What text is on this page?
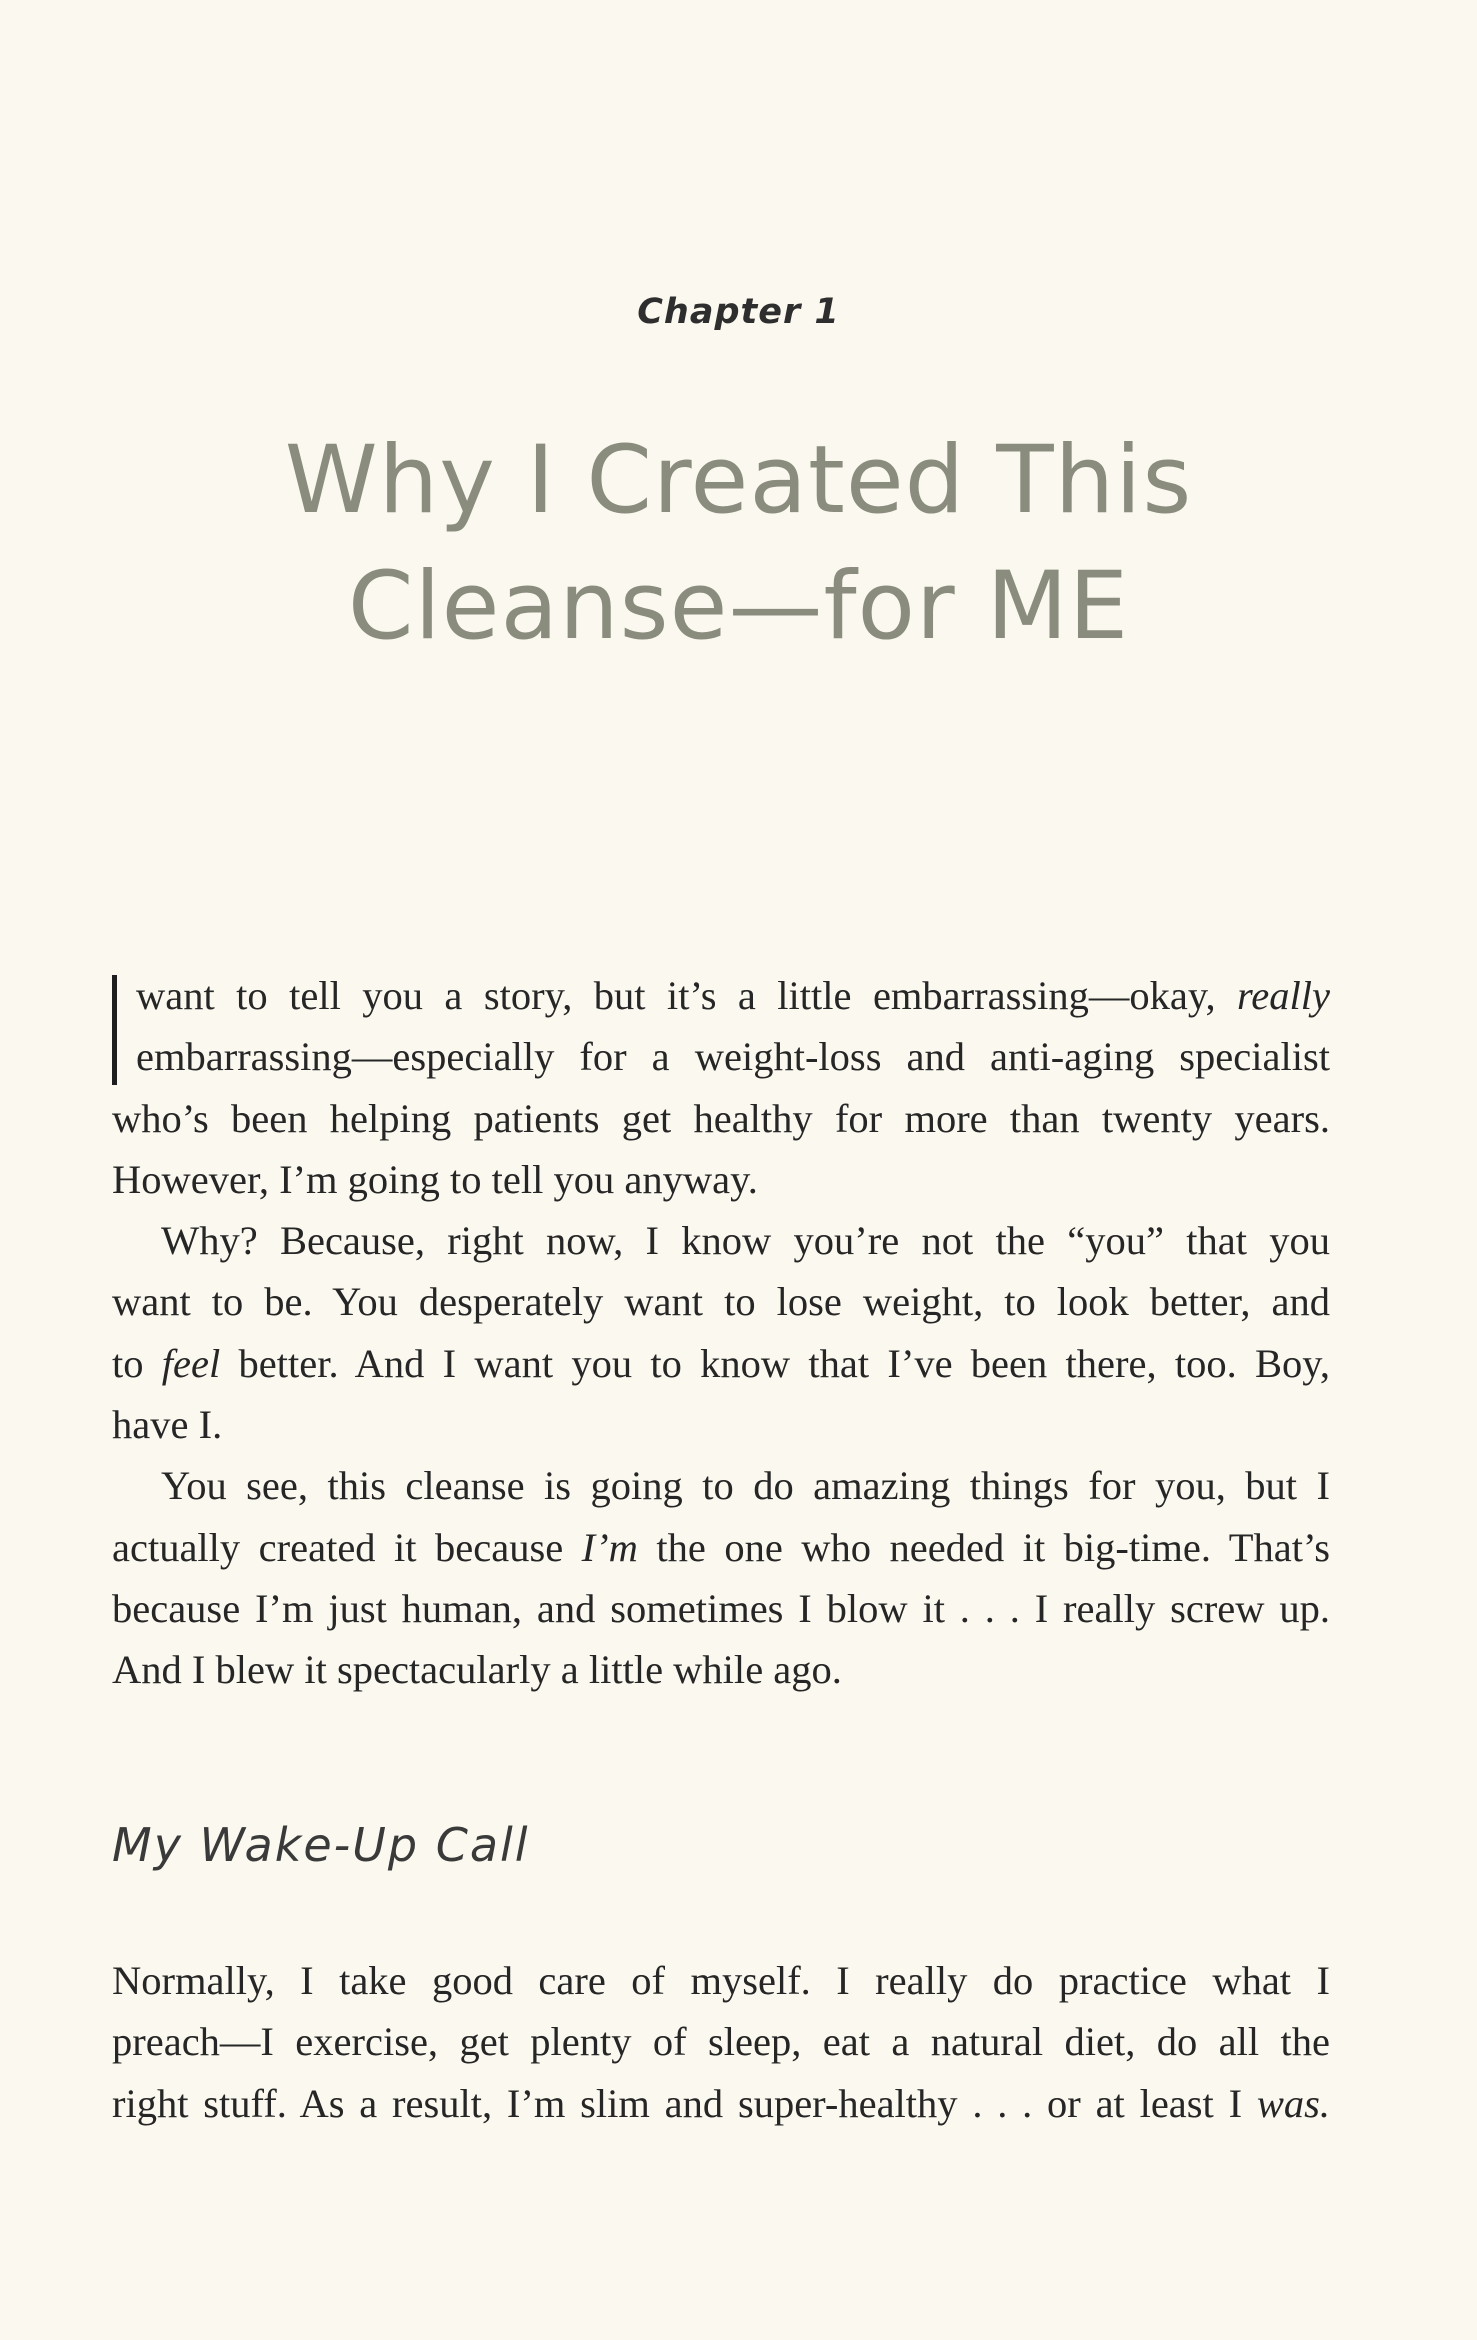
Chapter 1
Why I Created This
Cleanse—for ME

want to tell you a story, but it’s a little embarrassing—okay, really
embarrassing—especially for a weight-loss and anti-aging specialist
who’s been helping patients get healthy for more than twenty years.
However, I’m going to tell you anyway.

Why? Because, right now, I know you’re not the “you” that you
want to be. You desperately want to lose weight, to look better, and
to feel better. And I want you to know that I’ve been there, too. Boy,
have I.

You see, this cleanse is going to do amazing things for you, but I
actually created it because I’m the one who needed it big-time. That’s
because I’m just human, and sometimes I blow it . . . I really screw up.
And I blew it spectacularly a little while ago.

My Wake-Up Call

Normally, I take good care of myself. I really do practice what I
preach—I exercise, get plenty of sleep, eat a natural diet, do all the
right stuff. As a result, I’m slim and super-healthy . . . or at least I was.
